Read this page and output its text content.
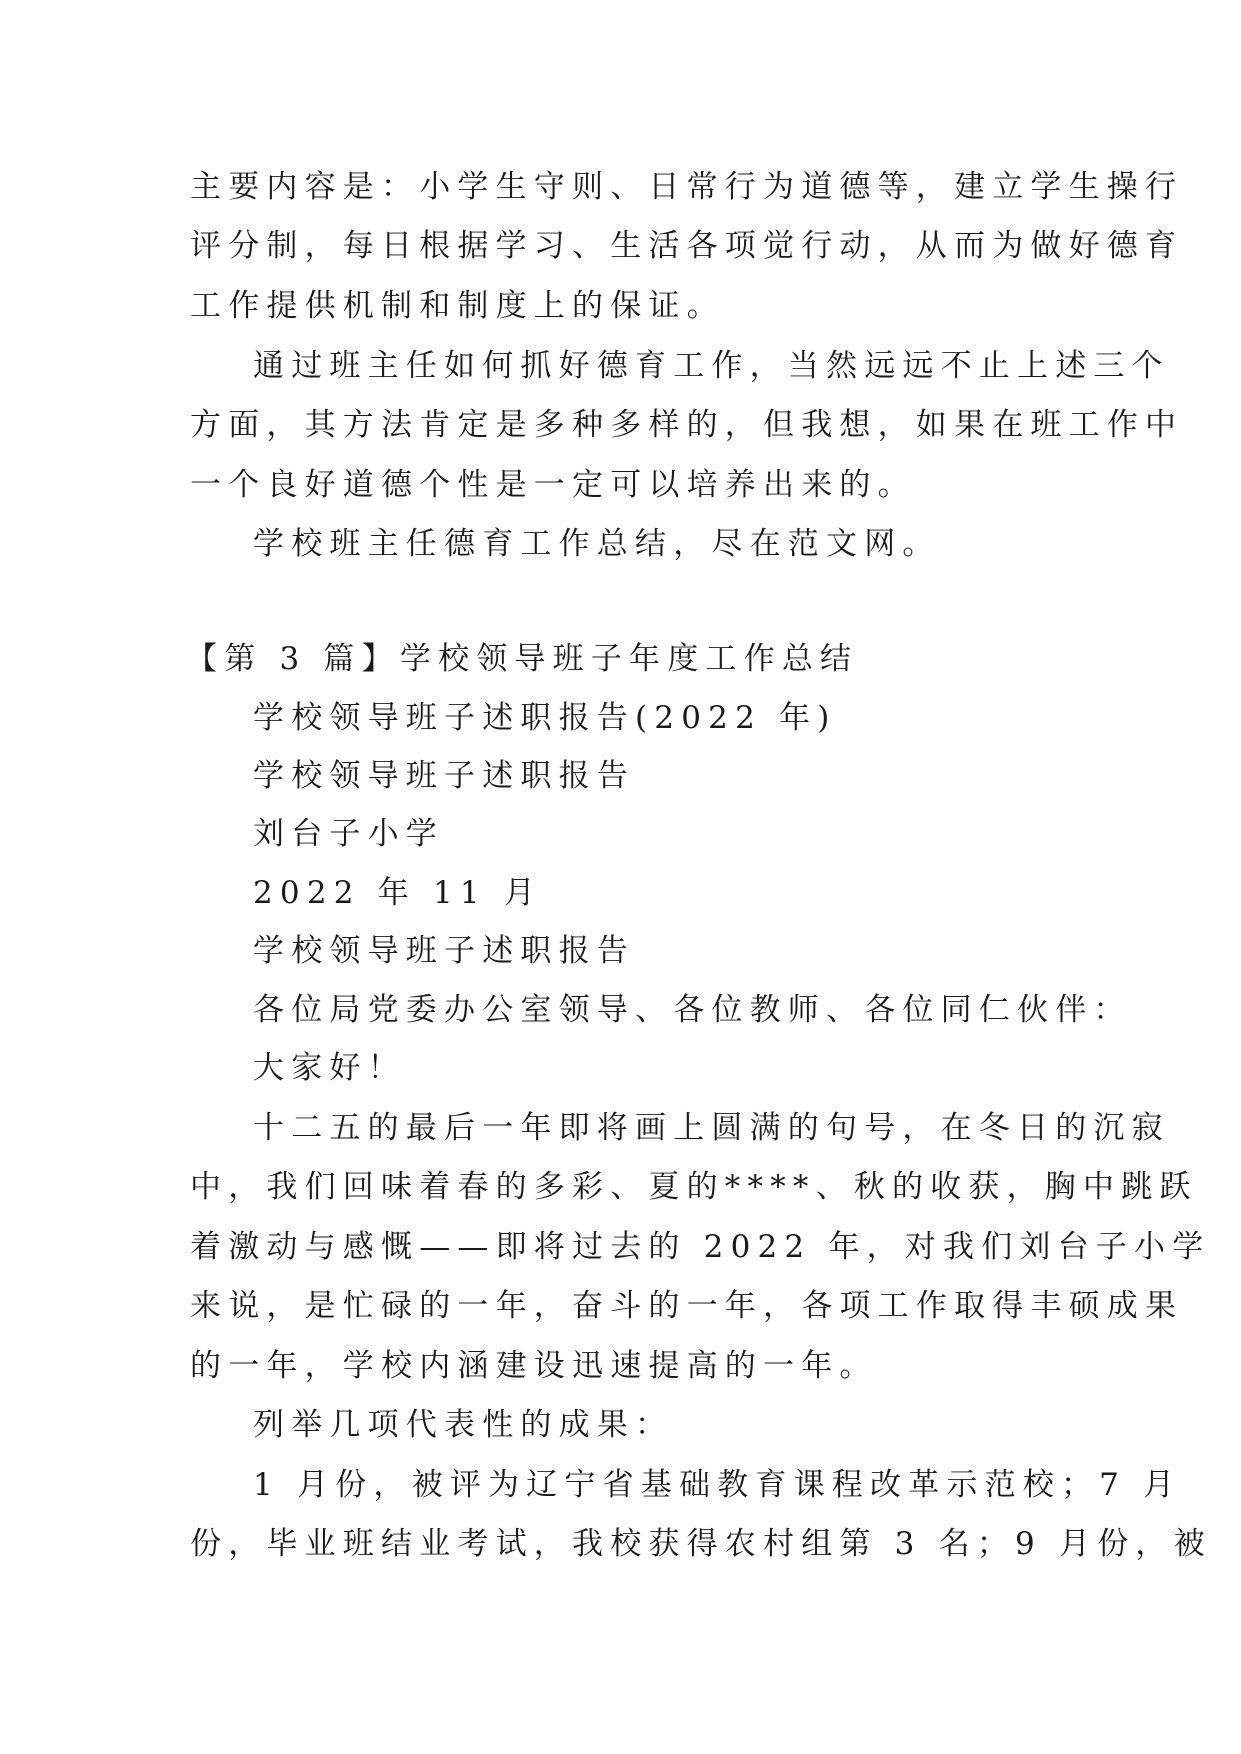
主要内容是：小学生守则、日常行为道德等，建立学生操行
评分制，每日根据学习、生活各项觉行动，从而为做好德育
工作提供机制和制度上的保证。
通过班主任如何抓好德育工作，当然远远不止上述三个
方面，其方法肯定是多种多样的，但我想，如果在班工作中
一个良好道德个性是一定可以培养出来的。
学校班主任德育工作总结，尽在范文网。
【第 3 篇】学校领导班子年度工作总结
学校领导班子述职报告(2022 年)
学校领导班子述职报告
刘台子小学
2022 年 11 月
学校领导班子述职报告
各位局党委办公室领导、各位教师、各位同仁伙伴：
大家好！
十二五的最后一年即将画上圆满的句号，在冬日的沉寂
中，我们回味着春的多彩、夏的****、秋的收获，胸中跳跃
着激动与感慨——即将过去的 2022 年，对我们刘台子小学
来说，是忙碌的一年，奋斗的一年，各项工作取得丰硕成果
的一年，学校内涵建设迅速提高的一年。
列举几项代表性的成果：
1 月份，被评为辽宁省基础教育课程改革示范校；7 月
份，毕业班结业考试，我校获得农村组第 3 名；9 月份，被
